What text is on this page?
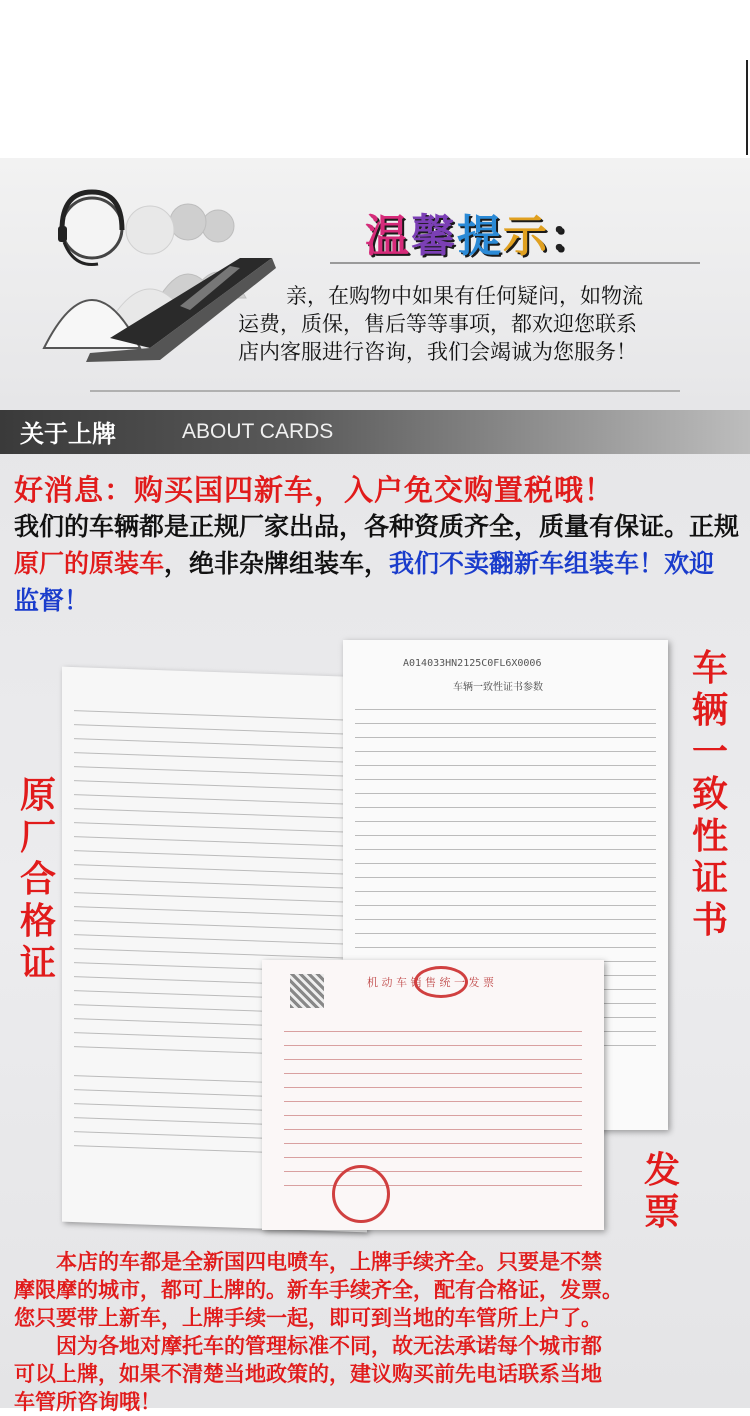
温馨提示：

亲，在购物中如果有任何疑问，如物流

运费，质保，售后等等事项，都欢迎您联系

店内客服进行咨询，我们会竭诚为您服务！

关于上牌	ABOUT CARDS
好消息：购买国四新车，入户免交购置税哦！
我们的车辆都是正规厂家出品，各种资质齐全，质量有保证。正规原厂的原装车，绝非杂牌组装车，我们不卖翻新车组装车！欢迎监督！
A014033HN2125C0FL6X0006
车辆一致性证书参数
机 动 车 销 售 统 一 发 票
原厂合格证
车辆一致性证书
发票

本店的车都是全新国四电喷车，上牌手续齐全。只要是不禁

摩限摩的城市，都可上牌的。新车手续齐全，配有合格证，发票。

您只要带上新车，上牌手续一起，即可到当地的车管所上户了。

因为各地对摩托车的管理标准不同，故无法承诺每个城市都

可以上牌，如果不清楚当地政策的，建议购买前先电话联系当地

车管所咨询哦！
